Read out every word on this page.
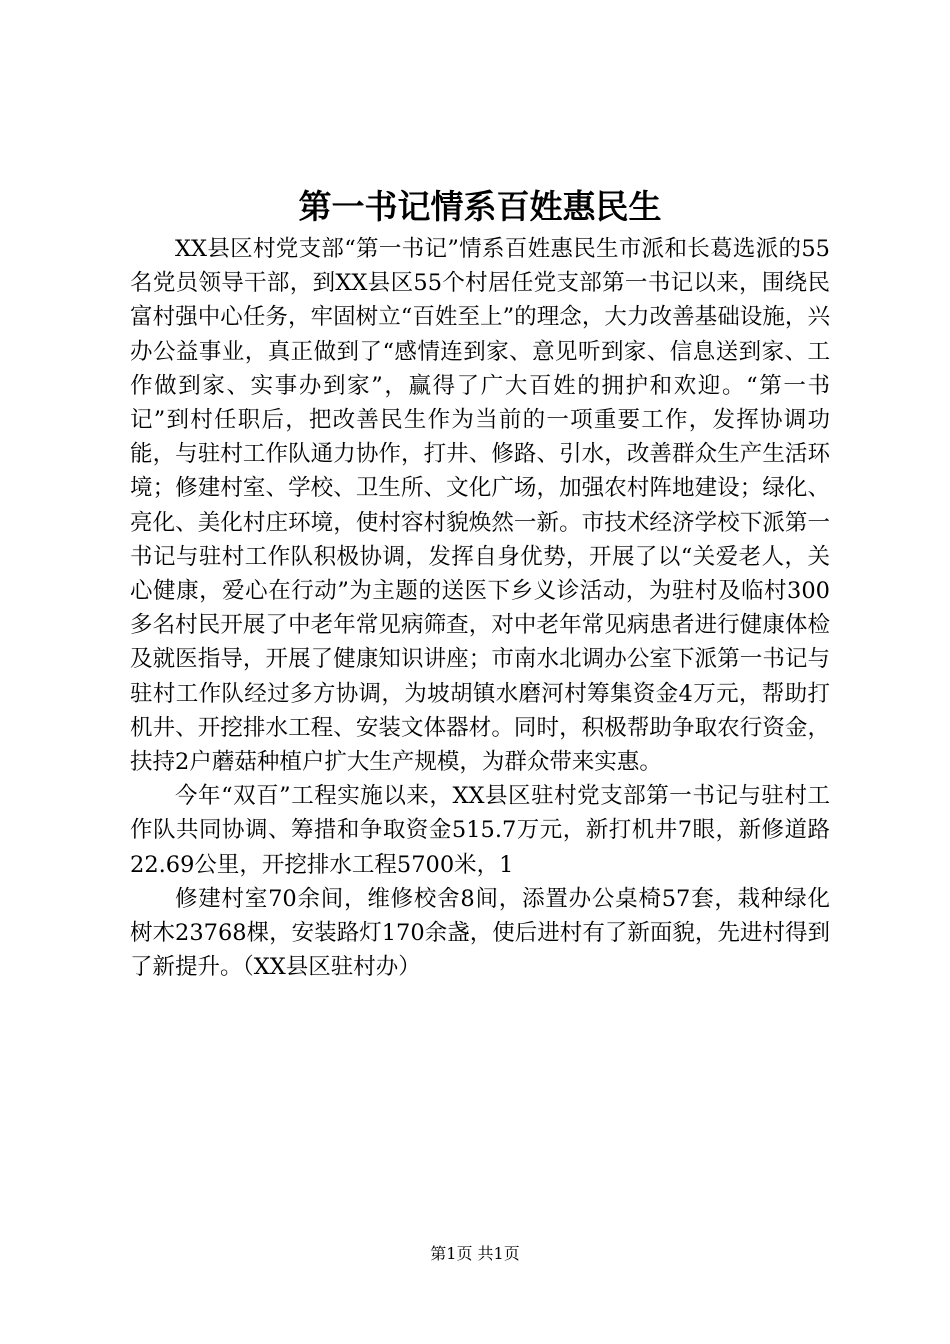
第一书记情系百姓惠民生

XX县区村党支部“第一书记”情系百姓惠民生市派和长葛选派的55名党员领导干部，到XX县区55个村居任党支部第一书记以来，围绕民富村强中心任务，牢固树立“百姓至上”的理念，大力改善基础设施，兴办公益事业，真正做到了“感情连到家、意见听到家、信息送到家、工作做到家、实事办到家”，赢得了广大百姓的拥护和欢迎。“第一书记”到村任职后，把改善民生作为当前的一项重要工作，发挥协调功能，与驻村工作队通力协作，打井、修路、引水，改善群众生产生活环境；修建村室、学校、卫生所、文化广场，加强农村阵地建设；绿化、亮化、美化村庄环境，使村容村貌焕然一新。市技术经济学校下派第一书记与驻村工作队积极协调，发挥自身优势，开展了以“关爱老人，关心健康，爱心在行动”为主题的送医下乡义诊活动，为驻村及临村300多名村民开展了中老年常见病筛查，对中老年常见病患者进行健康体检及就医指导，开展了健康知识讲座；市南水北调办公室下派第一书记与驻村工作队经过多方协调，为坡胡镇水磨河村筹集资金4万元，帮助打机井、开挖排水工程、安装文体器材。同时，积极帮助争取农行资金，扶持2户蘑菇种植户扩大生产规模，为群众带来实惠。

今年“双百”工程实施以来，XX县区驻村党支部第一书记与驻村工作队共同协调、筹措和争取资金515.7万元，新打机井7眼，新修道路22.69公里，开挖排水工程5700米，1

修建村室70余间，维修校舍8间，添置办公桌椅57套，栽种绿化树木23768棵，安装路灯170余盏，使后进村有了新面貌，先进村得到了新提升。（XX县区驻村办）

第1页 共1页
